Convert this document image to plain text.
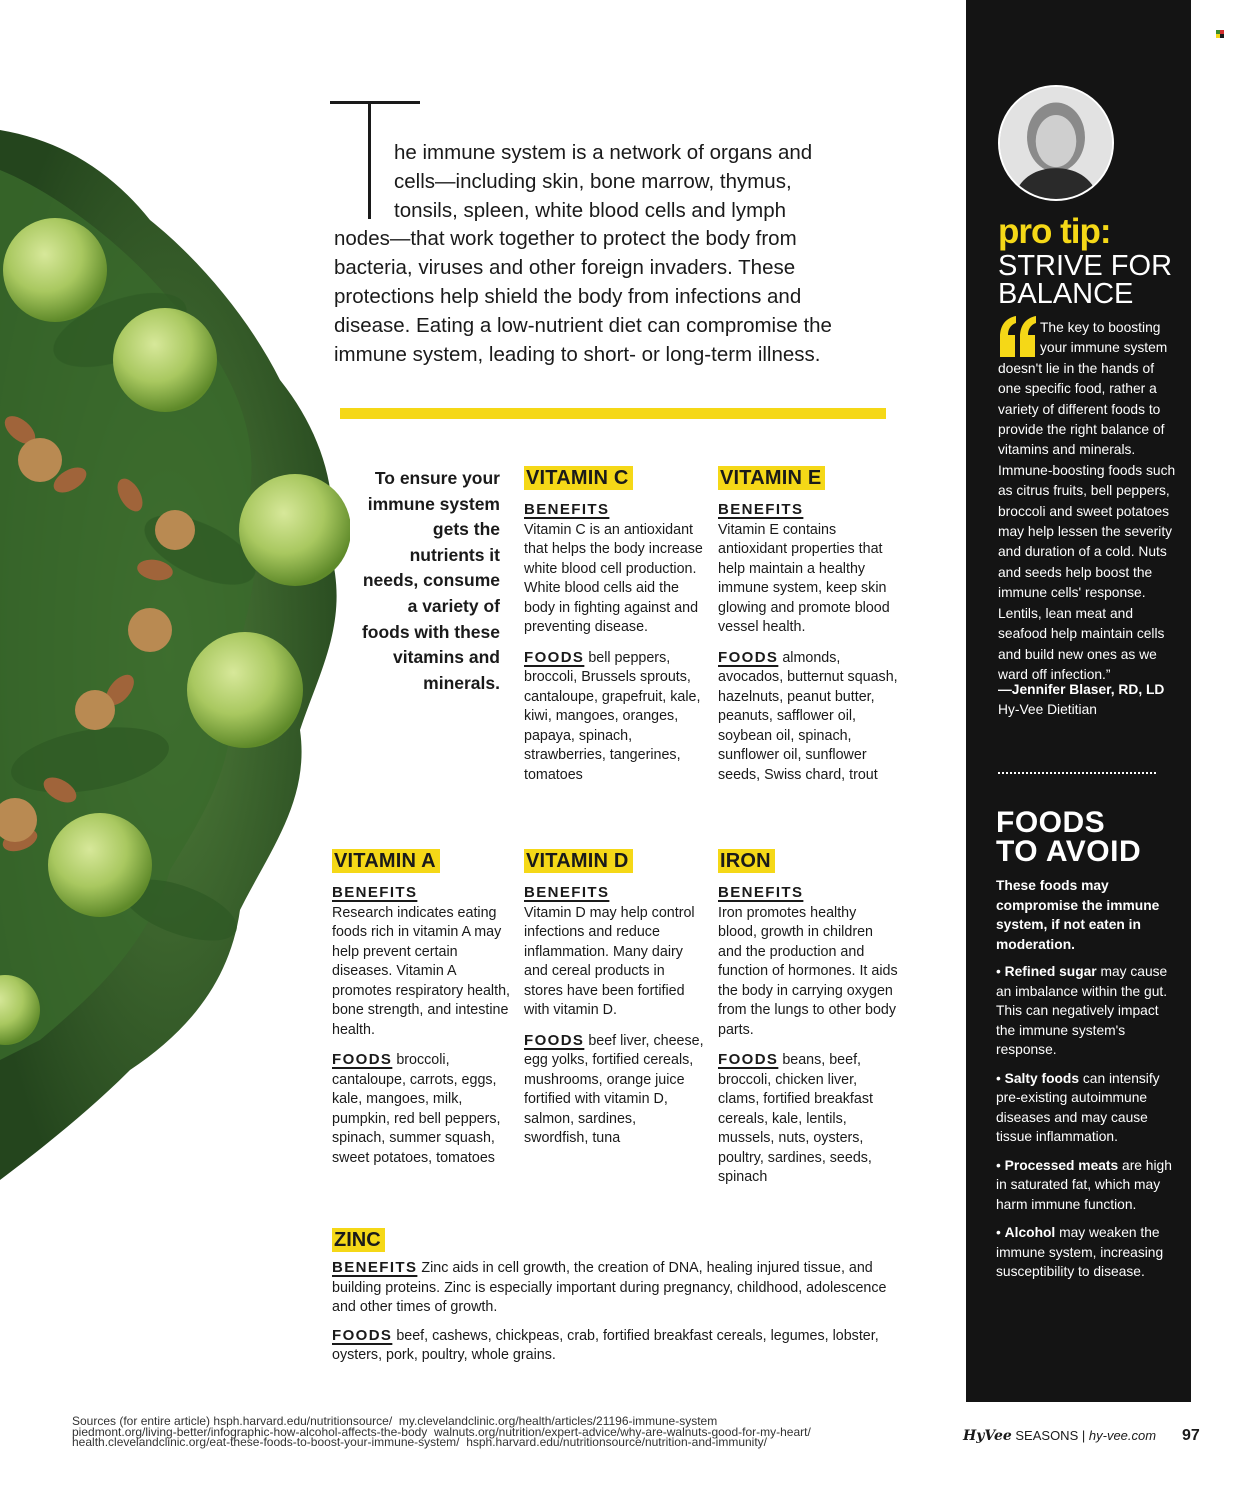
he immune system is a network of organs and
cells—including skin, bone marrow, thymus,
tonsils, spleen, white blood cells and lymph
nodes—that work together to protect the body from
bacteria, viruses and other foreign invaders. These
protections help shield the body from infections and
disease. Eating a low-nutrient diet can compromise the
immune system, leading to short- or long-term illness.
To ensure your immune system gets the nutrients it needs, consume a variety of foods with these vitamins and minerals.
VITAMIN C

BENEFITS
Vitamin C is an antioxidant that helps the body increase white blood cell production. White blood cells aid the body in fighting against and preventing disease.

FOODS bell peppers, broccoli, Brussels sprouts, cantaloupe, grapefruit, kale, kiwi, mangoes, oranges, papaya, spinach, strawberries, tangerines, tomatoes

VITAMIN E

BENEFITS
Vitamin E contains antioxidant properties that help maintain a healthy immune system, keep skin glowing and promote blood vessel health.

FOODS almonds, avocados, butternut squash, hazelnuts, peanut butter, peanuts, safflower oil, soybean oil, spinach, sunflower oil, sunflower seeds, Swiss chard, trout

VITAMIN A

BENEFITS
Research indicates eating foods rich in vitamin A may help prevent certain diseases. Vitamin A promotes respiratory health, bone strength, and intestine health.

FOODS broccoli, cantaloupe, carrots, eggs, kale, mangoes, milk, pumpkin, red bell peppers, spinach, summer squash, sweet potatoes, tomatoes

VITAMIN D

BENEFITS
Vitamin D may help control infections and reduce inflammation. Many dairy and cereal products in stores have been fortified with vitamin D.

FOODS beef liver, cheese, egg yolks, fortified cereals, mushrooms, orange juice fortified with vitamin D, salmon, sardines, swordfish, tuna

IRON

BENEFITS
Iron promotes healthy blood, growth in children and the production and function of hormones. It aids the body in carrying oxygen from the lungs to other body parts.

FOODS beans, beef, broccoli, chicken liver, clams, fortified breakfast cereals, kale, lentils, mussels, nuts, oysters, poultry, sardines, seeds, spinach

ZINC

BENEFITS Zinc aids in cell growth, the creation of DNA, healing injured tissue, and building proteins. Zinc is especially important during pregnancy, childhood, adolescence and other times of growth.

FOODS beef, cashews, chickpeas, crab, fortified breakfast cereals, legumes, lobster, oysters, pork, poultry, whole grains.

pro tip:
STRIVE FOR BALANCE
The key to boosting
your immune system
doesn't lie in the hands of one specific food, rather a variety of different foods to provide the right balance of vitamins and minerals. Immune-boosting foods such as citrus fruits, bell peppers, broccoli and sweet potatoes may help lessen the severity and duration of a cold. Nuts and seeds help boost the immune cells' response. Lentils, lean meat and seafood help maintain cells and build new ones as we ward off infection.”
—Jennifer Blaser, RD, LD
Hy-Vee Dietitian
FOODS
TO AVOID
These foods may compromise the immune system, if not eaten in moderation.
• Refined sugar may cause an imbalance within the gut. This can negatively impact the immune system's response.
• Salty foods can intensify pre-existing autoimmune diseases and may cause tissue inflammation.
• Processed meats are high in saturated fat, which may harm immune function.
• Alcohol may weaken the immune system, increasing susceptibility to disease.
Sources (for entire article) hsph.harvard.edu/nutritionsource/ my.clevelandclinic.org/health/articles/21196-immune-system
piedmont.org/living-better/infographic-how-alcohol-affects-the-body walnuts.org/nutrition/expert-advice/why-are-walnuts-good-for-my-heart/
health.clevelandclinic.org/eat-these-foods-to-boost-your-immune-system/ hsph.harvard.edu/nutritionsource/nutrition-and-immunity/	HyVee SEASONS | hy-vee.com 97
